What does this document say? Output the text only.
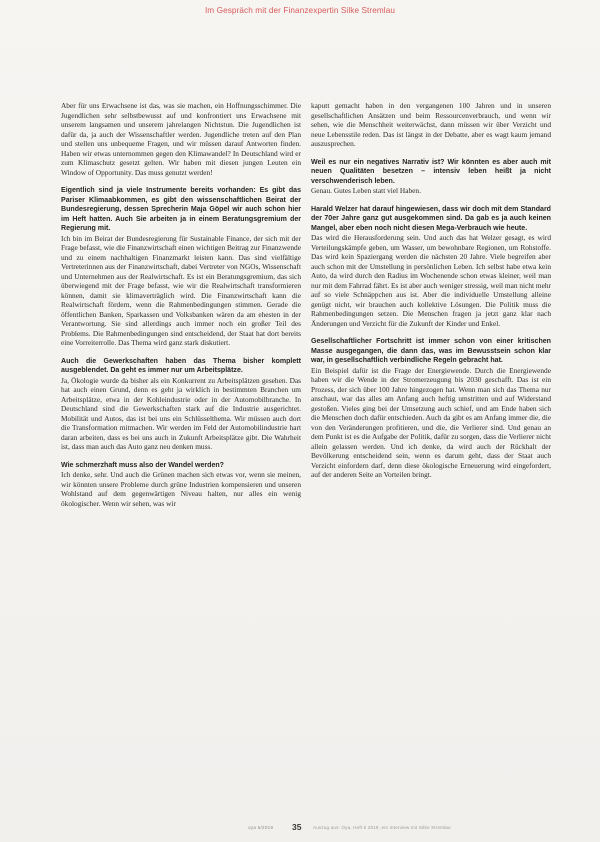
Im Gespräch mit der Finanzexpertin Silke Stremlau

Aber für uns Erwachsene ist das, was sie machen, ein Hoffnungsschimmer. Die Jugendlichen sehr selbstbewusst auf und konfrontiert uns Erwachsene mit unserem langsamen und unserem jahrelangen Nichtstun. Die Jugendlichen ist dafür da, ja auch der Wissenschaftler werden. Jugendliche treten auf den Plan und stellen uns unbequeme Fragen, und wir müssen darauf Antworten finden. Haben wir etwas unternommen gegen den Klimawandel? In Deutschland wird er zum Klimaschutz gesetzt gelten. Wir haben mit diesen jungen Leuten ein Window of Opportunity. Das muss genutzt werden!

Eigentlich sind ja viele Instrumente bereits vorhanden: Es gibt das Pariser Klimaabkommen, es gibt den wissenschaftlichen Beirat der Bundesregierung, dessen Sprecherin Maja Göpel wir auch schon hier im Heft hatten. Auch Sie arbeiten ja in einem Beratungsgremium der Regierung mit.

Ich bin im Beirat der Bundesregierung für Sustainable Finance, der sich mit der Frage befasst, wie die Finanzwirtschaft einen wichtigen Beitrag zur Finanzwende und zu einem nachhaltigen Finanzmarkt leisten kann. Das sind vielfältige Vertreterinnen aus der Finanzwirtschaft, dabei Vertreter von NGOs, Wissenschaft und Unternehmen aus der Realwirtschaft. Es ist ein Beratungsgremium, das sich überwiegend mit der Frage befasst, wie wir die Realwirtschaft transformieren können, damit sie klimaverträglich wird. Die Finanzwirtschaft kann die Realwirtschaft fördern, wenn die Rahmenbedingungen stimmen. Gerade die öffentlichen Banken, Sparkassen und Volksbanken wären da am ehesten in der Verantwortung. Sie sind allerdings auch immer noch ein großer Teil des Problems. Die Rahmenbedingungen sind entscheidend, der Staat hat dort bereits eine Vorreiterrolle. Das Thema wird ganz stark diskutiert.

Auch die Gewerkschaften haben das Thema bisher komplett ausgeblendet. Da geht es immer nur um Arbeitsplätze.

Ja, Ökologie wurde da bisher als ein Konkurrent zu Arbeitsplätzen gesehen. Das hat auch einen Grund, denn es geht ja wirklich in bestimmten Branchen um Arbeitsplätze, etwa in der Kohleindustrie oder in der Automobilbranche. In Deutschland sind die Gewerkschaften stark auf die Industrie ausgerichtet. Mobilität und Autos, das ist bei uns ein Schlüsselthema. Wir müssen auch dort die Transformation mitmachen. Wir werden im Feld der Automobilindustrie hart daran arbeiten, dass es bei uns auch in Zukunft Arbeitsplätze gibt. Die Wahrheit ist, dass man auch das Auto ganz neu denken muss.

Wie schmerzhaft muss also der Wandel werden?

Ich denke, sehr. Und auch die Grünen machen sich etwas vor, wenn sie meinen, wir könnten unsere Probleme durch grüne Industrien kompensieren und unseren Wohlstand auf dem gegenwärtigen Niveau halten, nur alles ein wenig ökologischer. Wenn wir sehen, was wir

kaputt gemacht haben in den vergangenen 100 Jahren und in unseren gesellschaftlichen Ansätzen und beim Ressourcenverbrauch, und wenn wir sehen, wie die Menschheit weiterwächst, dann müssen wir über Verzicht und neue Lebensstile reden. Das ist längst in der Debatte, aber es wagt kaum jemand auszusprechen.

Weil es nur ein negatives Narrativ ist? Wir könnten es aber auch mit neuen Qualitäten besetzen – intensiv leben heißt ja nicht verschwenderisch leben.

Genau. Gutes Leben statt viel Haben.

Harald Welzer hat darauf hingewiesen, dass wir doch mit dem Standard der 70er Jahre ganz gut ausgekommen sind. Da gab es ja auch keinen Mangel, aber eben noch nicht diesen Mega-Verbrauch wie heute.

Das wird die Herausforderung sein. Und auch das hat Welzer gesagt, es wird Verteilungskämpfe geben, um Wasser, um bewohnbare Regionen, um Rohstoffe. Das wird kein Spaziergang werden die nächsten 20 Jahre. Viele begreifen aber auch schon mit der Umstellung in persönlichen Leben. Ich selbst habe etwa kein Auto, da wird durch den Radius im Wochenende schon etwas kleiner, weil man nur mit dem Fahrrad fährt. Es ist aber auch weniger stressig, weil man nicht mehr auf so viele Schnäppchen aus ist. Aber die individuelle Umstellung alleine genügt nicht, wir brauchen auch kollektive Lösungen. Die Politik muss die Rahmenbedingungen setzen. Die Menschen fragen ja jetzt ganz klar nach Änderungen und Verzicht für die Zukunft der Kinder und Enkel.

Gesellschaftlicher Fortschritt ist immer schon von einer kritischen Masse ausgegangen, die dann das, was im Bewusstsein schon klar war, in gesellschaftlich verbindliche Regeln gebracht hat.

Ein Beispiel dafür ist die Frage der Energiewende. Durch die Energiewende haben wir die Wende in der Stromerzeugung bis 2030 geschafft. Das ist ein Prozess, der sich über 100 Jahre hingezogen hat. Wenn man sich das Thema nur anschaut, war das alles am Anfang auch heftig umstritten und auf Widerstand gestoßen. Vieles ging bei der Umsetzung auch schief, und am Ende haben sich die Menschen doch dafür entschieden. Auch da gibt es am Anfang immer die, die von den Veränderungen profitieren, und die, die Verlierer sind. Und genau an dem Punkt ist es die Aufgabe der Politik, dafür zu sorgen, dass die Verlierer nicht allein gelassen werden. Und ich denke, da wird auch der Rückhalt der Bevölkerung entscheidend sein, wenn es darum geht, dass der Staat auch Verzicht einfordern darf, denn diese ökologische Erneuerung wird eingefordert, auf der anderen Seite an Vorteilen bringt.

oya 5/2019 35	Auszug aus: Oya, Heft 5 2019, ein Interview mit Silke Stremlau
